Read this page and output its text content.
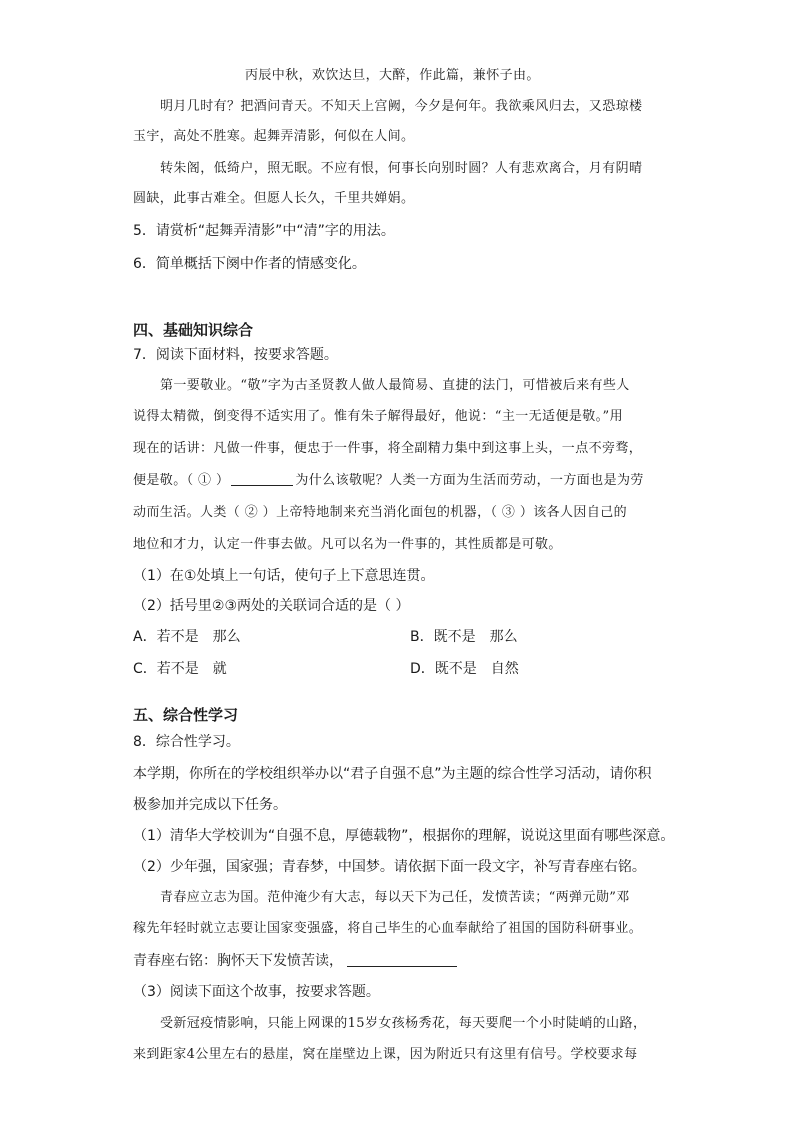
丙辰中秋，欢饮达旦，大醉，作此篇，兼怀子由。
明月几时有？把酒问青天。不知天上宫阙，今夕是何年。我欲乘风归去，又恐琼楼
玉宇，高处不胜寒。起舞弄清影，何似在人间。
转朱阁，低绮户，照无眠。不应有恨，何事长向别时圆？人有悲欢离合，月有阴晴
圆缺，此事古难全。但愿人长久，千里共婵娟。
5．请赏析“起舞弄清影”中“清”字的用法。
6．简单概括下阕中作者的情感变化。
四、基础知识综合
7．阅读下面材料，按要求答题。
第一要敬业。“敬”字为古圣贤教人做人最简易、直捷的法门，可惜被后来有些人
说得太精微，倒变得不适实用了。惟有朱子解得最好，他说：“主一无适便是敬。”用
现在的话讲：凡做一件事，便忠于一件事，将全副精力集中到这事上头，一点不旁骛，
便是敬。（ ① ）	为什么该敬呢？人类一方面为生活而劳动，一方面也是为劳
动而生活。人类（ ② ）上帝特地制来充当消化面包的机器，（ ③ ）该各人因自己的
地位和才力，认定一件事去做。凡可以名为一件事的，其性质都是可敬。
（1）在①处填上一句话，使句子上下意思连贯。
（2）括号里②③两处的关联词合适的是（ ）
A．若不是　那么	B．既不是　那么
C．若不是　就	D．既不是　自然
五、综合性学习
8．综合性学习。
本学期，你所在的学校组织举办以“君子自强不息”为主题的综合性学习活动，请你积
极参加并完成以下任务。
（1）清华大学校训为“自强不息，厚德载物”，根据你的理解，说说这里面有哪些深意。
（2）少年强，国家强；青春梦，中国梦。请依据下面一段文字，补写青春座右铭。
青春应立志为国。范仲淹少有大志，每以天下为己任，发愤苦读；“两弹元勋”邓
稼先年轻时就立志要让国家变强盛，将自己毕生的心血奉献给了祖国的国防科研事业。
青春座右铭：胸怀天下发愤苦读，
（3）阅读下面这个故事，按要求答题。
受新冠疫情影响，只能上网课的15岁女孩杨秀花，每天要爬一个小时陡峭的山路，
来到距家4公里左右的悬崖，窝在崖壁边上课，因为附近只有这里有信号。学校要求每
